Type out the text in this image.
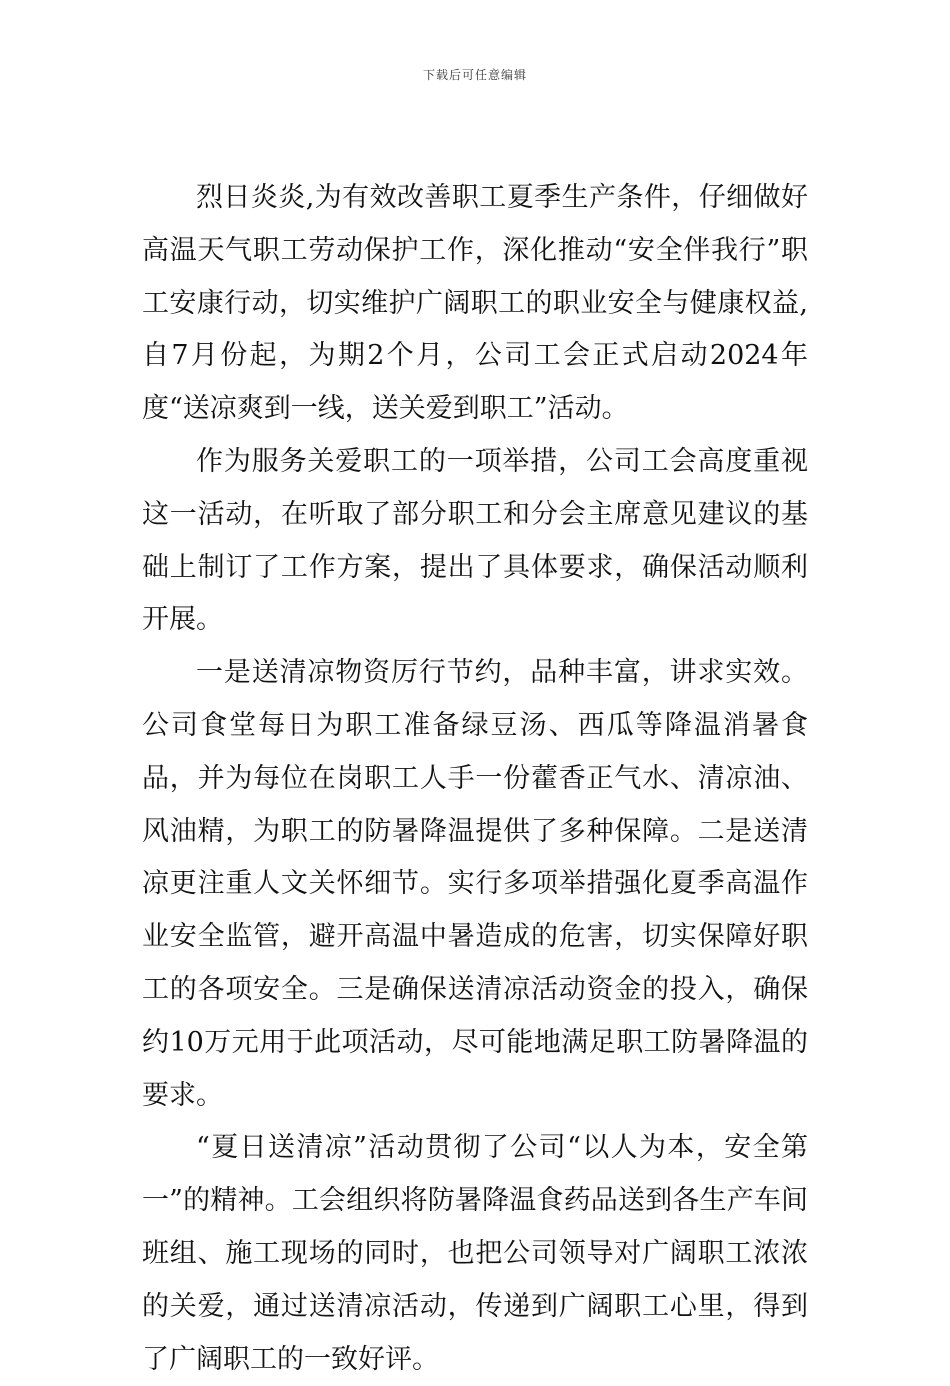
下载后可任意编辑

烈日炎炎,为有效改善职工夏季生产条件，仔细做好高温天气职工劳动保护工作，深化推动“安全伴我行”职工安康行动，切实维护广阔职工的职业安全与健康权益,自7月份起，为期2个月，公司工会正式启动2024年度“送凉爽到一线，送关爱到职工”活动。

作为服务关爱职工的一项举措，公司工会高度重视这一活动，在听取了部分职工和分会主席意见建议的基础上制订了工作方案，提出了具体要求，确保活动顺利开展。

一是送清凉物资厉行节约，品种丰富，讲求实效。公司食堂每日为职工准备绿豆汤、西瓜等降温消暑食品，并为每位在岗职工人手一份藿香正气水、清凉油、风油精，为职工的防暑降温提供了多种保障。二是送清凉更注重人文关怀细节。实行多项举措强化夏季高温作业安全监管，避开高温中暑造成的危害，切实保障好职工的各项安全。三是确保送清凉活动资金的投入，确保约10万元用于此项活动，尽可能地满足职工防暑降温的要求。

“夏日送清凉”活动贯彻了公司“以人为本，安全第一”的精神。工会组织将防暑降温食药品送到各生产车间班组、施工现场的同时，也把公司领导对广阔职工浓浓的关爱，通过送清凉活动，传递到广阔职工心里，得到了广阔职工的一致好评。
